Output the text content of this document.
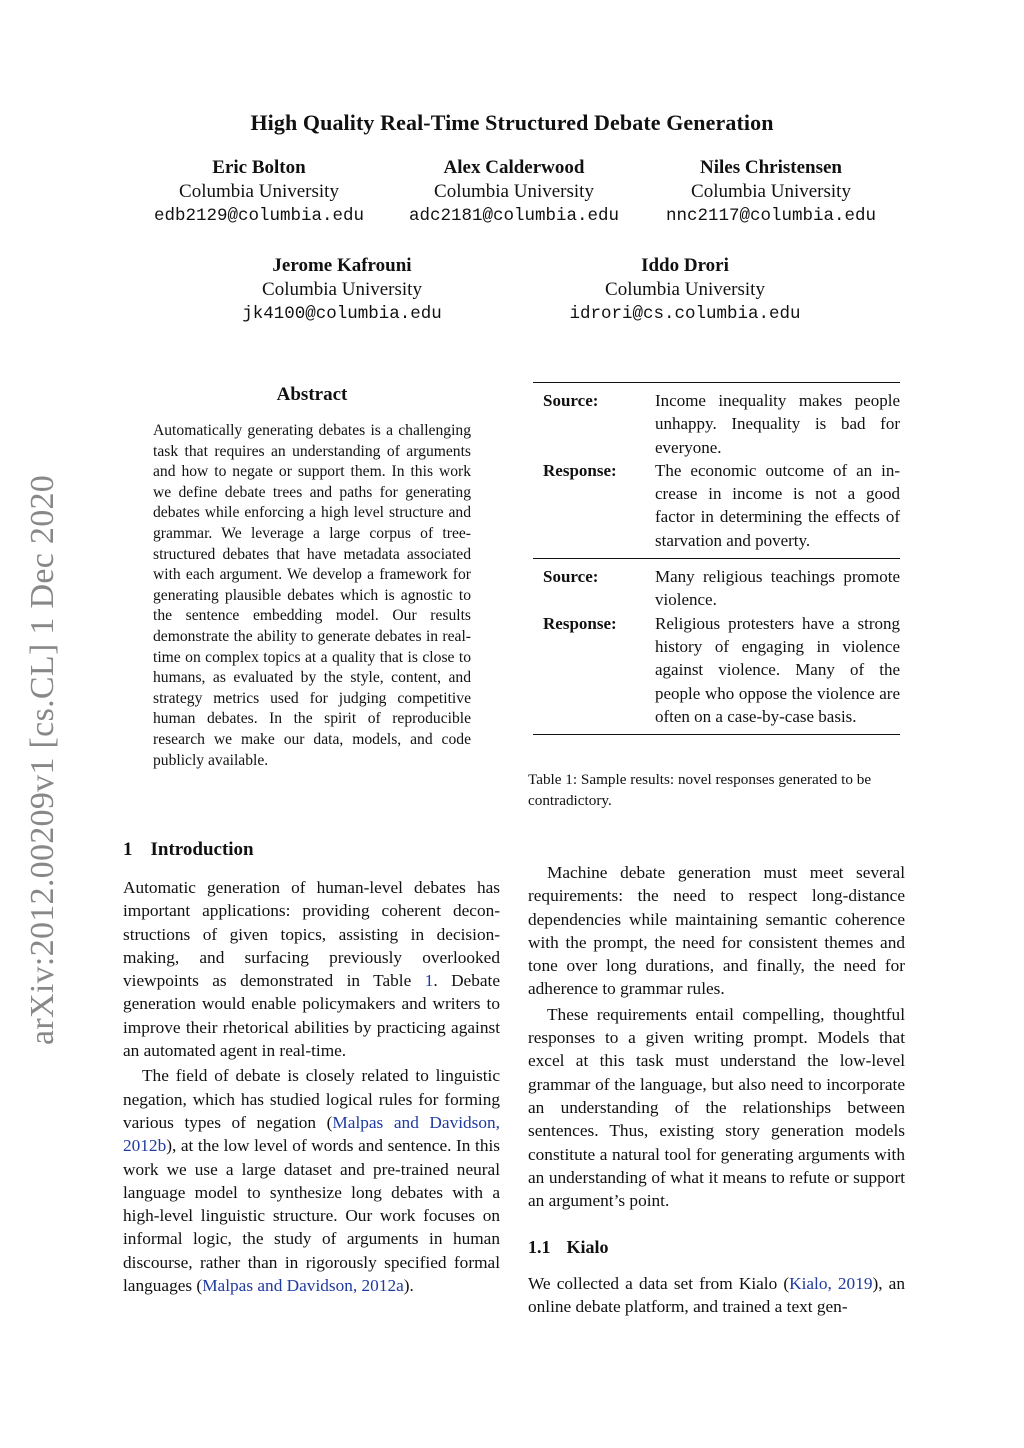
High Quality Real-Time Structured Debate Generation
Eric Bolton
Columbia University
edb2129@columbia.edu
Alex Calderwood
Columbia University
adc2181@columbia.edu
Niles Christensen
Columbia University
nnc2117@columbia.edu
Jerome Kafrouni
Columbia University
jk4100@columbia.edu
Iddo Drori
Columbia University
idrori@cs.columbia.edu
arXiv:2012.00209v1 [cs.CL] 1 Dec 2020
Abstract
Automatically generating debates is a challenging task that requires an understanding of arguments and how to negate or support them. In this work we define debate trees and paths for generating debates while enforcing a high level structure and grammar. We leverage a large corpus of tree-structured debates that have metadata associated with each argument. We develop a framework for generating plausible debates which is agnostic to the sentence embedding model. Our results demonstrate the ability to generate debates in real-time on complex topics at a quality that is close to humans, as evaluated by the style, content, and strategy metrics used for judging competitive human debates. In the spirit of reproducible research we make our data, models, and code publicly available.
Source:	Income inequality makes people unhappy. Inequality is bad for everyone.
Response:	The economic outcome of an increase in income is not a good factor in determining the effects of starvation and poverty.
Source:	Many religious teachings promote violence.
Response:	Religious protesters have a strong history of engaging in violence against violence. Many of the people who oppose the violence are often on a case-by-case basis.
Table 1: Sample results: novel responses generated to be contradictory.
1 Introduction

Automatic generation of human-level debates has important applications: providing coherent deconstructions of given topics, assisting in decision-making, and surfacing previously overlooked viewpoints as demonstrated in Table 1. Debate generation would enable policymakers and writers to improve their rhetorical abilities by practicing against an automated agent in real-time.

The field of debate is closely related to linguistic negation, which has studied logical rules for forming various types of negation (Malpas and Davidson, 2012b), at the low level of words and sentence. In this work we use a large dataset and pre-trained neural language model to synthesize long debates with a high-level linguistic structure. Our work focuses on informal logic, the study of arguments in human discourse, rather than in rigorously specified formal languages (Malpas and Davidson, 2012a).

Machine debate generation must meet several requirements: the need to respect long-distance dependencies while maintaining semantic coherence with the prompt, the need for consistent themes and tone over long durations, and finally, the need for adherence to grammar rules.

These requirements entail compelling, thoughtful responses to a given writing prompt. Models that excel at this task must understand the low-level grammar of the language, but also need to incorporate an understanding of the relationships between sentences. Thus, existing story generation models constitute a natural tool for generating arguments with an understanding of what it means to refute or support an argument’s point.

1.1 Kialo

We collected a data set from Kialo (Kialo, 2019), an online debate platform, and trained a text gen-
